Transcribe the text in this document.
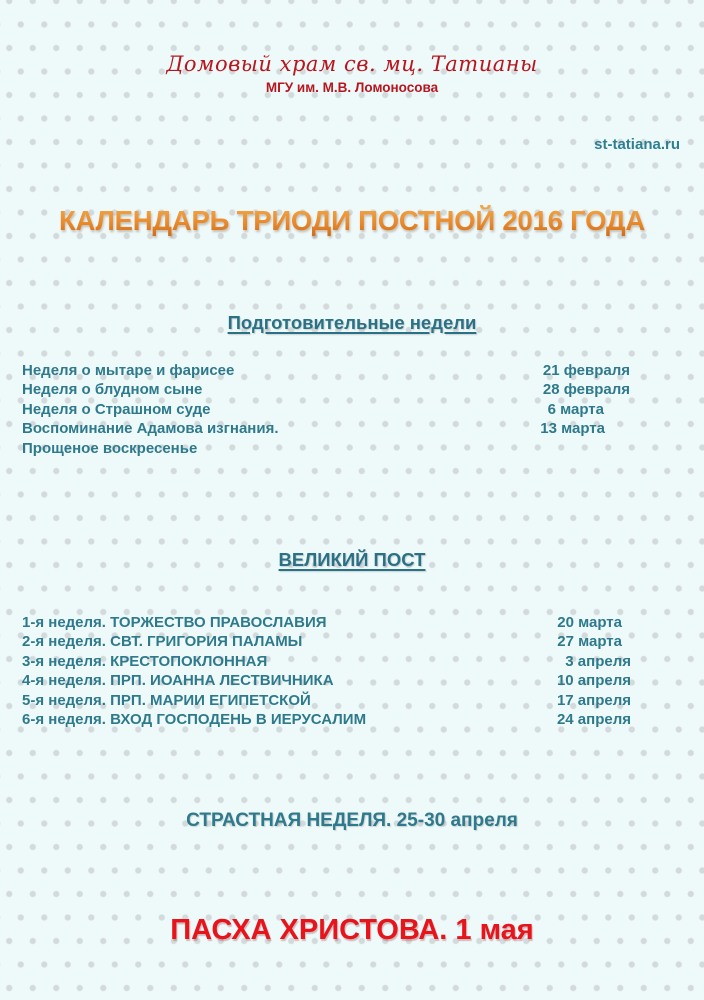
Домовый храм св. мц. Татианы
МГУ им. М.В. Ломоносова
st-tatiana.ru
КАЛЕНДАРЬ ТРИОДИ ПОСТНОЙ 2016 ГОДА
Подготовительные недели
Неделя о мытаре и фарисее	21 февраля
Неделя о блудном сыне	28 февраля
Неделя о Страшном суде	6 марта
Воспоминание Адамова изгнания.	13 марта
Прощеное воскресенье
ВЕЛИКИЙ ПОСТ
1-я неделя. ТОРЖЕСТВО ПРАВОСЛАВИЯ	20 марта
2-я неделя. СВТ. ГРИГОРИЯ ПАЛАМЫ	27 марта
3-я неделя. КРЕСТОПОКЛОННАЯ	3 апреля
4-я неделя. ПРП. ИОАННА ЛЕСТВИЧНИКА	10 апреля
5-я неделя. ПРП. МАРИИ ЕГИПЕТСКОЙ	17 апреля
6-я неделя. ВХОД ГОСПОДЕНЬ В ИЕРУСАЛИМ	24 апреля
СТРАСТНАЯ НЕДЕЛЯ. 25-30 апреля
ПАСХА ХРИСТОВА. 1 мая
